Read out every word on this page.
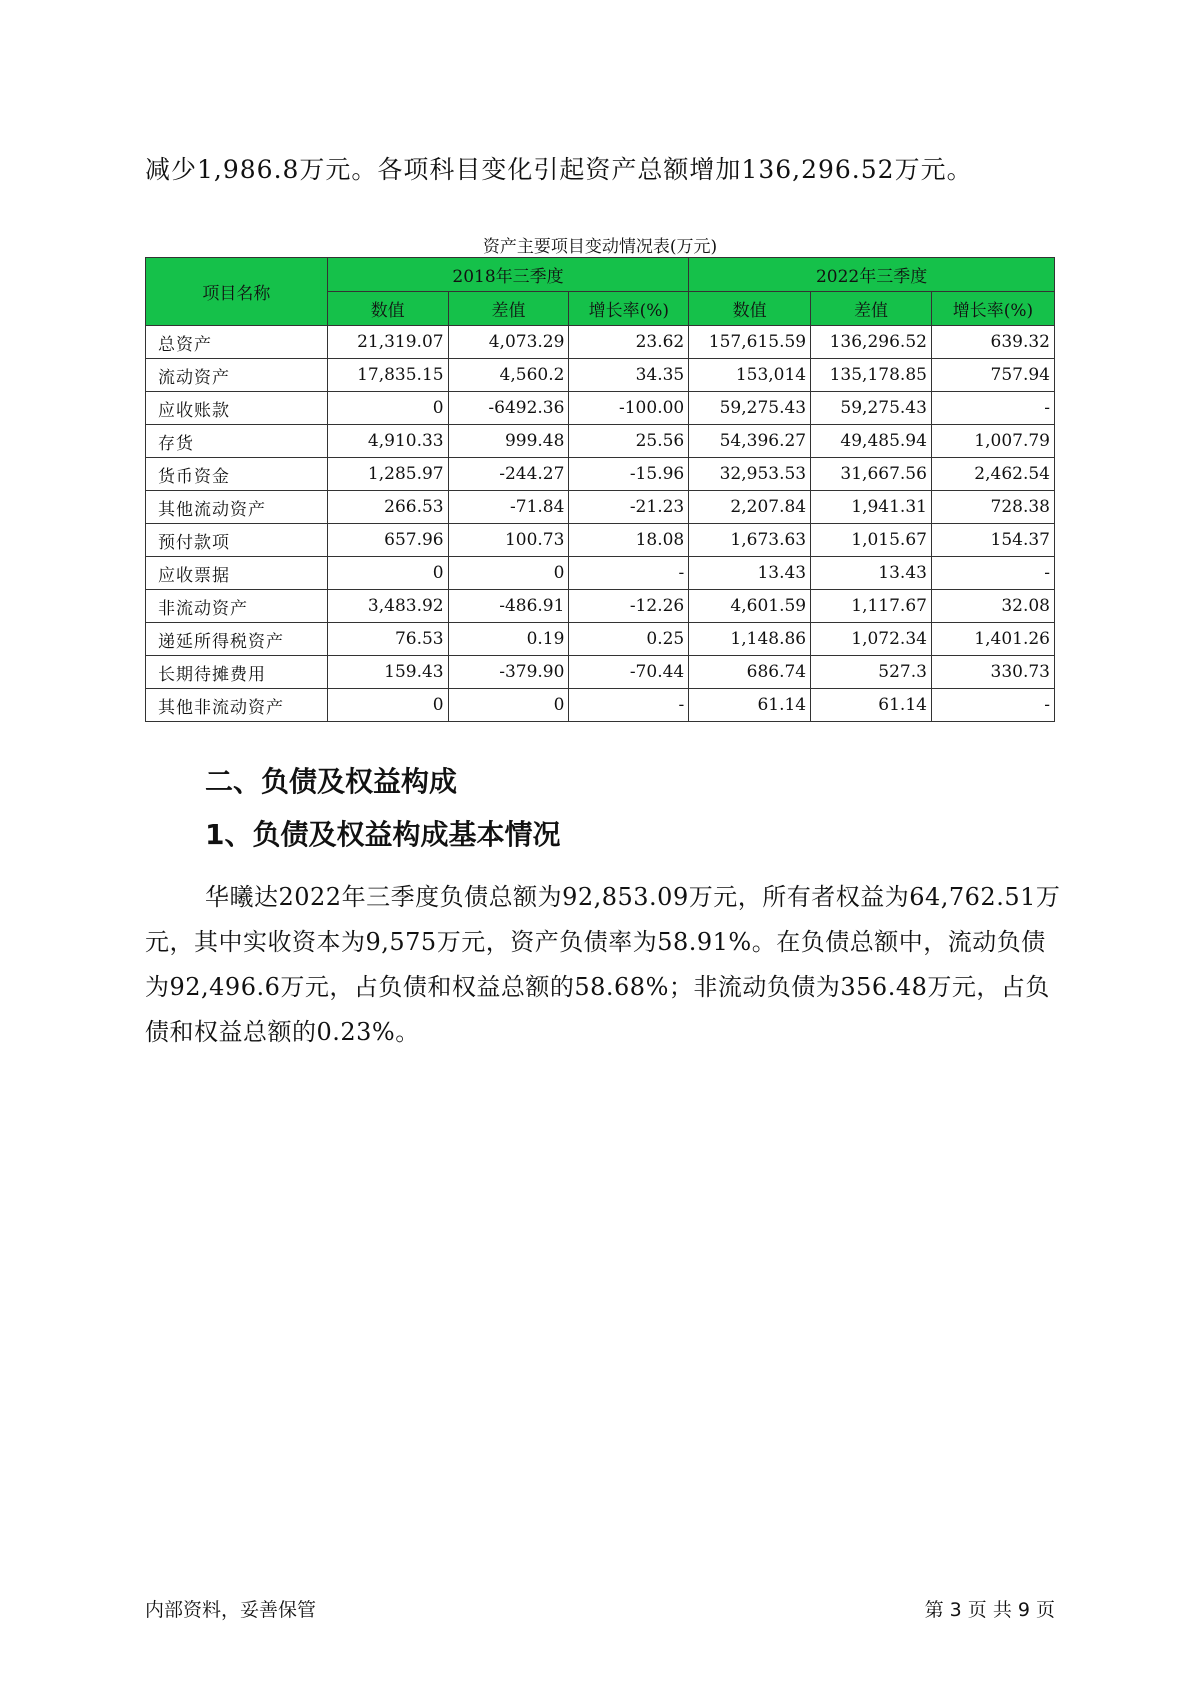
减少1,986.8万元。各项科目变化引起资产总额增加136,296.52万元。

资产主要项目变动情况表(万元)

项目名称	2018年三季度			2022年三季度		
	数值	差值	增长率(%)	数值	差值	增长率(%)
总资产	21,319.07	4,073.29	23.62	157,615.59	136,296.52	639.32
流动资产	17,835.15	4,560.2	34.35	153,014	135,178.85	757.94
应收账款	0	-6492.36	-100.00	59,275.43	59,275.43	-
存货	4,910.33	999.48	25.56	54,396.27	49,485.94	1,007.79
货币资金	1,285.97	-244.27	-15.96	32,953.53	31,667.56	2,462.54
其他流动资产	266.53	-71.84	-21.23	2,207.84	1,941.31	728.38
预付款项	657.96	100.73	18.08	1,673.63	1,015.67	154.37
应收票据	0	0	-	13.43	13.43	-
非流动资产	3,483.92	-486.91	-12.26	4,601.59	1,117.67	32.08
递延所得税资产	76.53	0.19	0.25	1,148.86	1,072.34	1,401.26
长期待摊费用	159.43	-379.90	-70.44	686.74	527.3	330.73
其他非流动资产	0	0	-	61.14	61.14	-
二、负债及权益构成
1、负债及权益构成基本情况

华曦达2022年三季度负债总额为92,853.09万元，所有者权益为64,762.51万元，其中实收资本为9,575万元，资产负债率为58.91%。在负债总额中，流动负债为92,496.6万元，占负债和权益总额的58.68%；非流动负债为356.48万元，占负债和权益总额的0.23%。

内部资料，妥善保管	第 3 页 共 9 页
